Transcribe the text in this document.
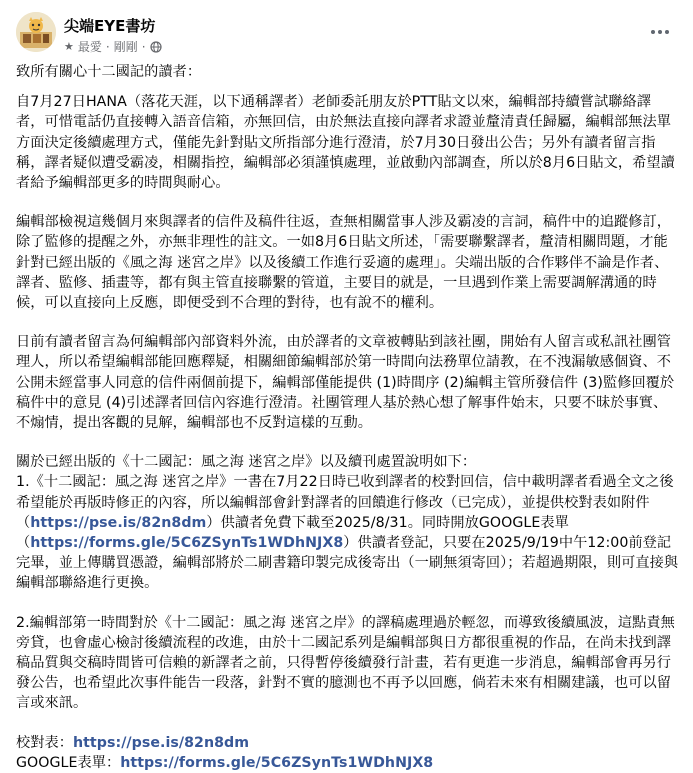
尖端EYE書坊
★ 最愛 · 剛剛 ·

致所有關心十二國記的讀者：

自7月27日HANA（落花天涯，以下通稱譯者）老師委託朋友於PTT貼文以來，編輯部持續嘗試聯絡譯者，可惜電話仍直接轉入語音信箱，亦無回信，由於無法直接向譯者求證並釐清責任歸屬，編輯部無法單方面決定後續處理方式，僅能先針對貼文所指部分進行澄清，於7月30日發出公告；另外有讀者留言指稱，譯者疑似遭受霸凌，相關指控，編輯部必須謹慎處理，並啟動內部調查，所以於8月6日貼文，希望讀者給予編輯部更多的時間與耐心。

編輯部檢視這幾個月來與譯者的信件及稿件往返，查無相關當事人涉及霸凌的言詞，稿件中的追蹤修訂，除了監修的提醒之外，亦無非理性的註文。一如8月6日貼文所述，「需要聯繫譯者，釐清相關問題，才能針對已經出版的《風之海 迷宮之岸》以及後續工作進行妥適的處理」。尖端出版的合作夥伴不論是作者、譯者、監修、插畫等，都有與主管直接聯繫的管道，主要目的就是，一旦遇到作業上需要調解溝通的時候，可以直接向上反應，即便受到不合理的對待，也有說不的權利。

日前有讀者留言為何編輯部內部資料外流，由於譯者的文章被轉貼到該社團，開始有人留言或私訊社團管理人，所以希望編輯部能回應釋疑，相關細節編輯部於第一時間向法務單位請教，在不洩漏敏感個資、不公開未經當事人同意的信件兩個前提下，編輯部僅能提供 (1)時間序 (2)編輯主管所發信件 (3)監修回覆於稿件中的意見 (4)引述譯者回信內容進行澄清。社團管理人基於熱心想了解事件始末，只要不昧於事實、不煽情，提出客觀的見解，編輯部也不反對這樣的互動。

關於已經出版的《十二國記：風之海 迷宮之岸》以及續刊處置說明如下：

1.《十二國記：風之海 迷宮之岸》一書在7月22日時已收到譯者的校對回信，信中載明譯者看過全文之後希望能於再版時修正的內容，所以編輯部會針對譯者的回饋進行修改（已完成），並提供校對表如附件（https://pse.is/82n8dm）供讀者免費下載至2025/8/31。同時開放GOOGLE表單（https://forms.gle/5C6ZSynTs1WDhNJX8）供讀者登記，只要在2025/9/19中午12:00前登記完畢，並上傳購買憑證，編輯部將於二刷書籍印製完成後寄出（一刷無須寄回）；若超過期限，則可直接與編輯部聯絡進行更換。

2.編輯部第一時間對於《十二國記：風之海 迷宮之岸》的譯稿處理過於輕忽，而導致後續風波，這點責無旁貸，也會虛心檢討後續流程的改進，由於十二國記系列是編輯部與日方都很重視的作品，在尚未找到譯稿品質與交稿時間皆可信賴的新譯者之前，只得暫停後續發行計畫，若有更進一步消息，編輯部會再另行發公告，也希望此次事件能告一段落，針對不實的臆測也不再予以回應，倘若未來有相關建議，也可以留言或來訊。

校對表：https://pse.is/82n8dm

GOOGLE表單：https://forms.gle/5C6ZSynTs1WDhNJX8
